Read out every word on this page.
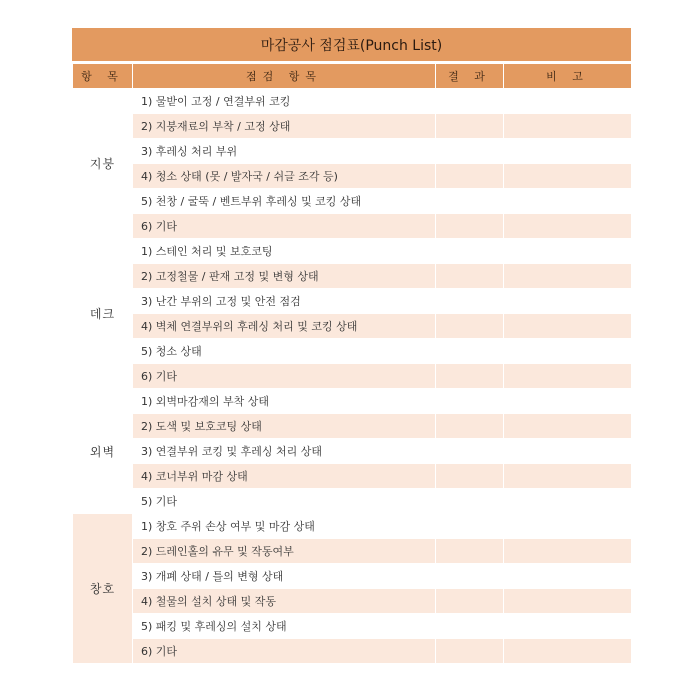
마감공사 점검표(Punch List)
항 목	점검 항목	결 과	비 고
지붕	1) 물받이 고정 / 연결부위 코킹		
	2) 지붕재료의 부착 / 고정 상태		
	3) 후레싱 처리 부위		
	4) 청소 상태 (못 / 발자국 / 쉬글 조각 등)		
	5) 천창 / 굴뚝 / 벤트부위 후레싱 및 코킹 상태		
	6) 기타		
데크	1) 스테인 처리 및 보호코팅		
	2) 고정철물 / 판재 고정 및 변형 상태		
	3) 난간 부위의 고정 및 안전 점검		
	4) 벽체 연결부위의 후레싱 처리 및 코킹 상태		
	5) 청소 상태		
	6) 기타		
외벽	1) 외벽마감재의 부착 상태		
	2) 도색 및 보호코팅 상태		
	3) 연결부위 코킹 및 후레싱 처리 상태		
	4) 코너부위 마감 상태		
	5) 기타		
창호	1) 창호 주위 손상 여부 및 마감 상태		
	2) 드레인홀의 유무 및 작동여부		
	3) 개폐 상태 / 틀의 변형 상태		
	4) 철물의 설치 상태 및 작동		
	5) 패킹 및 후레싱의 설치 상태		
	6) 기타		
